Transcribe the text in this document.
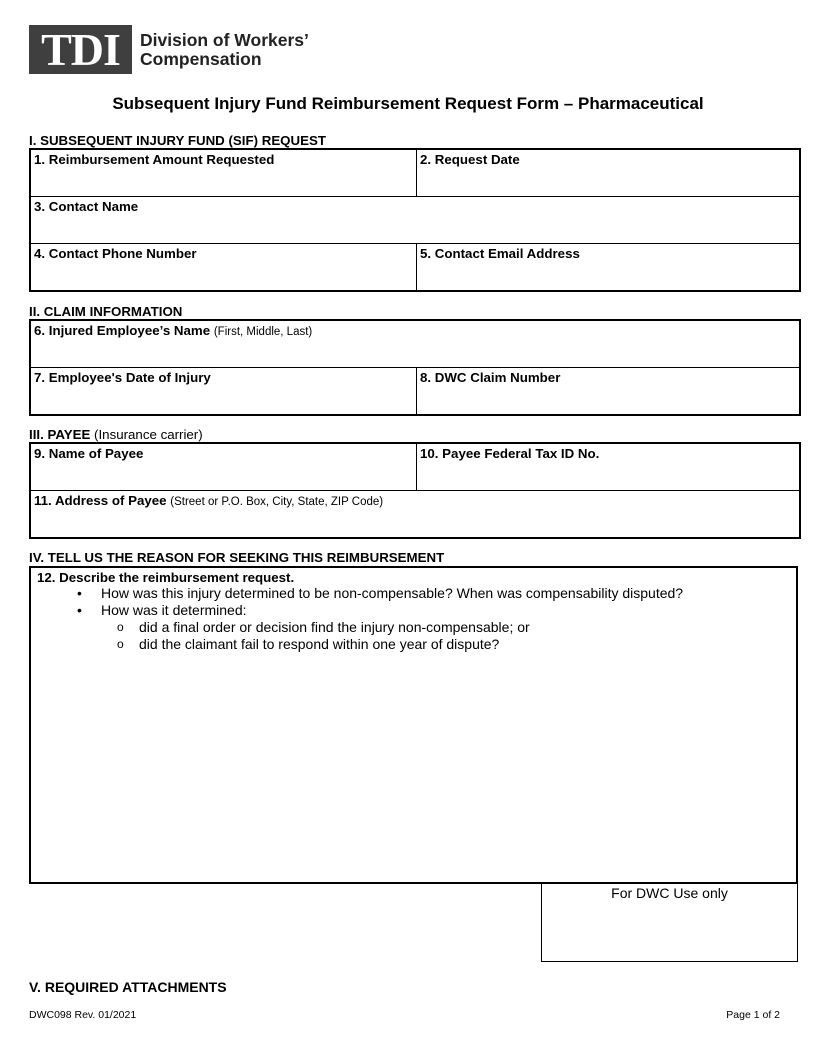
TDI	Division of Workers’
Compensation
Subsequent Injury Fund Reimbursement Request Form – Pharmaceutical
I. SUBSEQUENT INJURY FUND (SIF) REQUEST
1. Reimbursement Amount Requested	2. Request Date
3. Contact Name
4. Contact Phone Number	5. Contact Email Address
II. CLAIM INFORMATION
6. Injured Employee’s Name (First, Middle, Last)
7. Employee's Date of Injury	8. DWC Claim Number
III. PAYEE (Insurance carrier)
9. Name of Payee	10. Payee Federal Tax ID No.
11. Address of Payee (Street or P.O. Box, City, State, ZIP Code)
IV. TELL US THE REASON FOR SEEKING THIS REIMBURSEMENT
12. Describe the reimbursement request.
• How was this injury determined to be non-compensable? When was compensability disputed?
• How was it determined:
o did a final order or decision find the injury non-compensable; or
o did the claimant fail to respond within one year of dispute?
For DWC Use only
V. REQUIRED ATTACHMENTS
DWC098 Rev. 01/2021	Page 1 of 2
